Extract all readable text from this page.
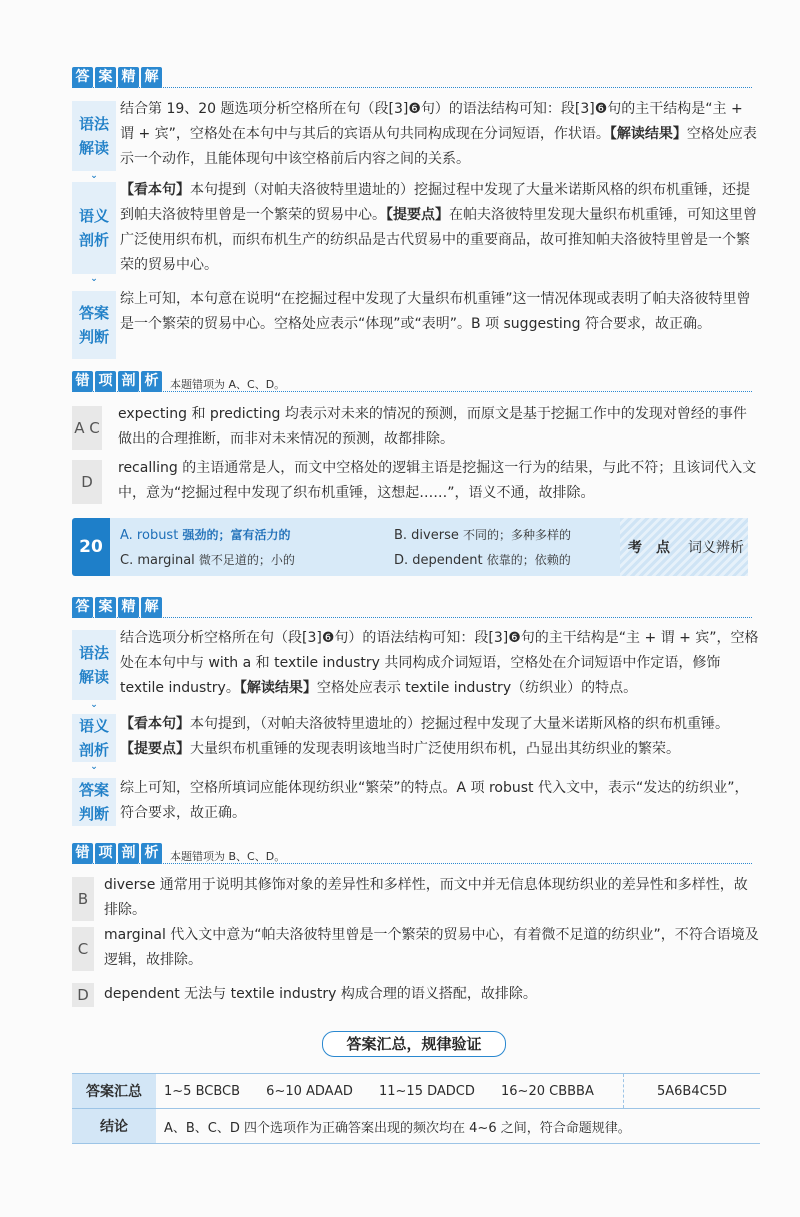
答 案 精 解
语法
解读
⌄
结合第 19、20 题选项分析空格所在句（段[3]❻句）的语法结构可知：段[3]❻句的主干结构是“主 + 谓 + 宾”，空格处在本句中与其后的宾语从句共同构成现在分词短语，作状语。【解读结果】空格处应表示一个动作，且能体现句中该空格前后内容之间的关系。
语义
剖析
⌄
【看本句】本句提到（对帕夫洛彼特里遗址的）挖掘过程中发现了大量米诺斯风格的织布机重锤，还提到帕夫洛彼特里曾是一个繁荣的贸易中心。【提要点】在帕夫洛彼特里发现大量织布机重锤，可知这里曾广泛使用织布机，而织布机生产的纺织品是古代贸易中的重要商品，故可推知帕夫洛彼特里曾是一个繁荣的贸易中心。
答案
判断
综上可知，本句意在说明“在挖掘过程中发现了大量织布机重锤”这一情况体现或表明了帕夫洛彼特里曾是一个繁荣的贸易中心。空格处应表示“体现”或“表明”。B 项 suggesting 符合要求，故正确。
错 项 剖 析	本题错项为 A、C、D。
A C
expecting 和 predicting 均表示对未来的情况的预测，而原文是基于挖掘工作中的发现对曾经的事件做出的合理推断，而非对未来情况的预测，故都排除。
D
recalling 的主语通常是人，而文中空格处的逻辑主语是挖掘这一行为的结果，与此不符；且该词代入文中，意为“挖掘过程中发现了织布机重锤，这想起……”，语义不通，故排除。
20
A. robust 强劲的；富有活力的	B. diverse 不同的；多种多样的
C. marginal 微不足道的；小的	D. dependent 依靠的；依赖的
考　点 词义辨析
答 案 精 解
语法
解读
⌄
结合选项分析空格所在句（段[3]❻句）的语法结构可知：段[3]❻句的主干结构是“主 + 谓 + 宾”，空格处在本句中与 with a 和 textile industry 共同构成介词短语，空格处在介词短语中作定语，修饰 textile industry。【解读结果】空格处应表示 textile industry（纺织业）的特点。
语义
剖析
⌄
【看本句】本句提到，（对帕夫洛彼特里遗址的）挖掘过程中发现了大量米诺斯风格的织布机重锤。
【提要点】大量织布机重锤的发现表明该地当时广泛使用织布机，凸显出其纺织业的繁荣。
答案
判断
综上可知，空格所填词应能体现纺织业“繁荣”的特点。A 项 robust 代入文中，表示“发达的纺织业”，符合要求，故正确。
错 项 剖 析	本题错项为 B、C、D。
B
diverse 通常用于说明其修饰对象的差异性和多样性，而文中并无信息体现纺织业的差异性和多样性，故排除。
C
marginal 代入文中意为“帕夫洛彼特里曾是一个繁荣的贸易中心，有着微不足道的纺织业”，不符合语境及逻辑，故排除。
D	dependent 无法与 textile industry 构成合理的语义搭配，故排除。
答案汇总，规律验证
答案汇总	1~5 BCBCB 6~10 ADAAD 11~15 DADCD 16~20 CBBBA	5A6B4C5D
结论	A、B、C、D 四个选项作为正确答案出现的频次均在 4~6 之间，符合命题规律。	
